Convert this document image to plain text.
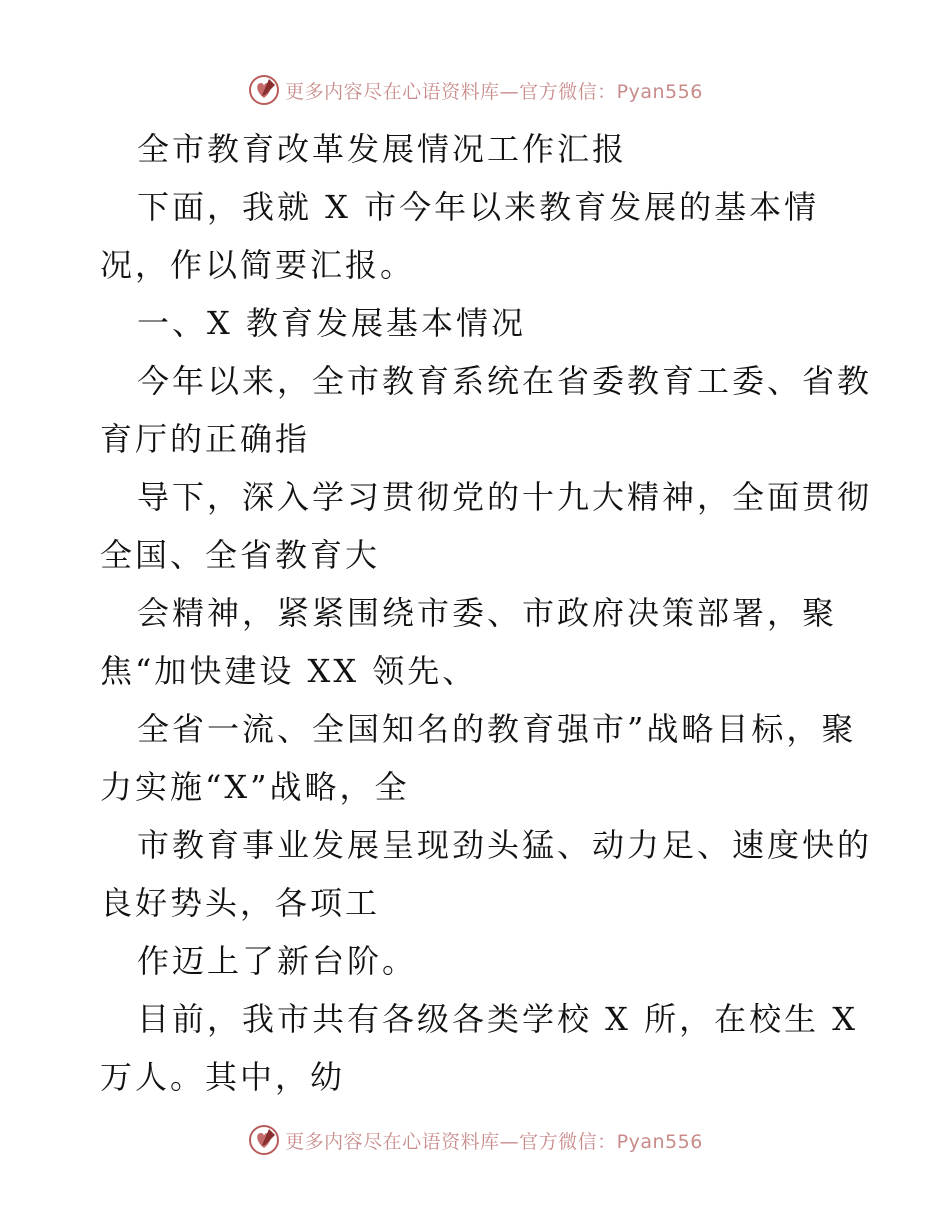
更多内容尽在心语资料库—官方微信：Pyan556
全市教育改革发展情况工作汇报
下面，我就 X 市今年以来教育发展的基本情
况，作以简要汇报。
一、X 教育发展基本情况
今年以来，全市教育系统在省委教育工委、省教
育厅的正确指
导下，深入学习贯彻党的十九大精神，全面贯彻
全国、全省教育大
会精神，紧紧围绕市委、市政府决策部署，聚
焦“加快建设 XX 领先、
全省一流、全国知名的教育强市”战略目标，聚
力实施“X”战略，全
市教育事业发展呈现劲头猛、动力足、速度快的
良好势头，各项工
作迈上了新台阶。
目前，我市共有各级各类学校 X 所，在校生 X
万人。其中，幼
更多内容尽在心语资料库—官方微信：Pyan556
